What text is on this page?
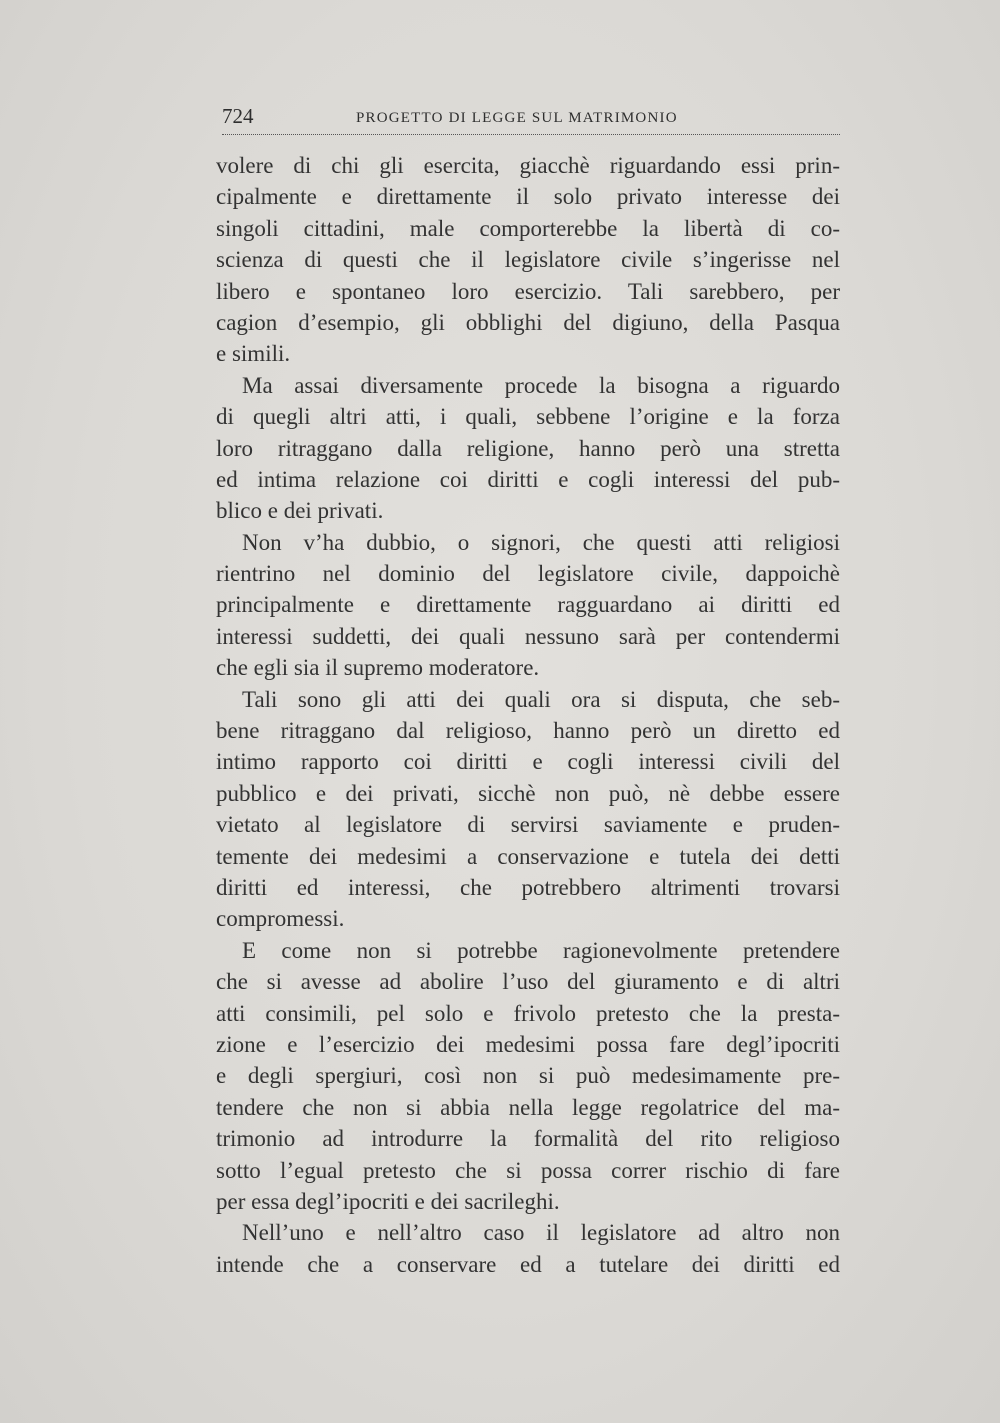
724	PROGETTO DI LEGGE SUL MATRIMONIO
volere di chi gli esercita, giacchè riguardando essi prin-
cipalmente e direttamente il solo privato interesse dei
singoli cittadini, male comporterebbe la libertà di co-
scienza di questi che il legislatore civile s’ingerisse nel
libero e spontaneo loro esercizio. Tali sarebbero, per
cagion d’esempio, gli obblighi del digiuno, della Pasqua
e simili.
Ma assai diversamente procede la bisogna a riguardo
di quegli altri atti, i quali, sebbene l’origine e la forza
loro ritraggano dalla religione, hanno però una stretta
ed intima relazione coi diritti e cogli interessi del pub-
blico e dei privati.
Non v’ha dubbio, o signori, che questi atti religiosi
rientrino nel dominio del legislatore civile, dappoichè
principalmente e direttamente ragguardano ai diritti ed
interessi suddetti, dei quali nessuno sarà per contendermi
che egli sia il supremo moderatore.
Tali sono gli atti dei quali ora si disputa, che seb-
bene ritraggano dal religioso, hanno però un diretto ed
intimo rapporto coi diritti e cogli interessi civili del
pubblico e dei privati, sicchè non può, nè debbe essere
vietato al legislatore di servirsi saviamente e pruden-
temente dei medesimi a conservazione e tutela dei detti
diritti ed interessi, che potrebbero altrimenti trovarsi
compromessi.
E come non si potrebbe ragionevolmente pretendere
che si avesse ad abolire l’uso del giuramento e di altri
atti consimili, pel solo e frivolo pretesto che la presta-
zione e l’esercizio dei medesimi possa fare degl’ipocriti
e degli spergiuri, così non si può medesimamente pre-
tendere che non si abbia nella legge regolatrice del ma-
trimonio ad introdurre la formalità del rito religioso
sotto l’egual pretesto che si possa correr rischio di fare
per essa degl’ipocriti e dei sacrileghi.
Nell’uno e nell’altro caso il legislatore ad altro non
intende che a conservare ed a tutelare dei diritti ed
